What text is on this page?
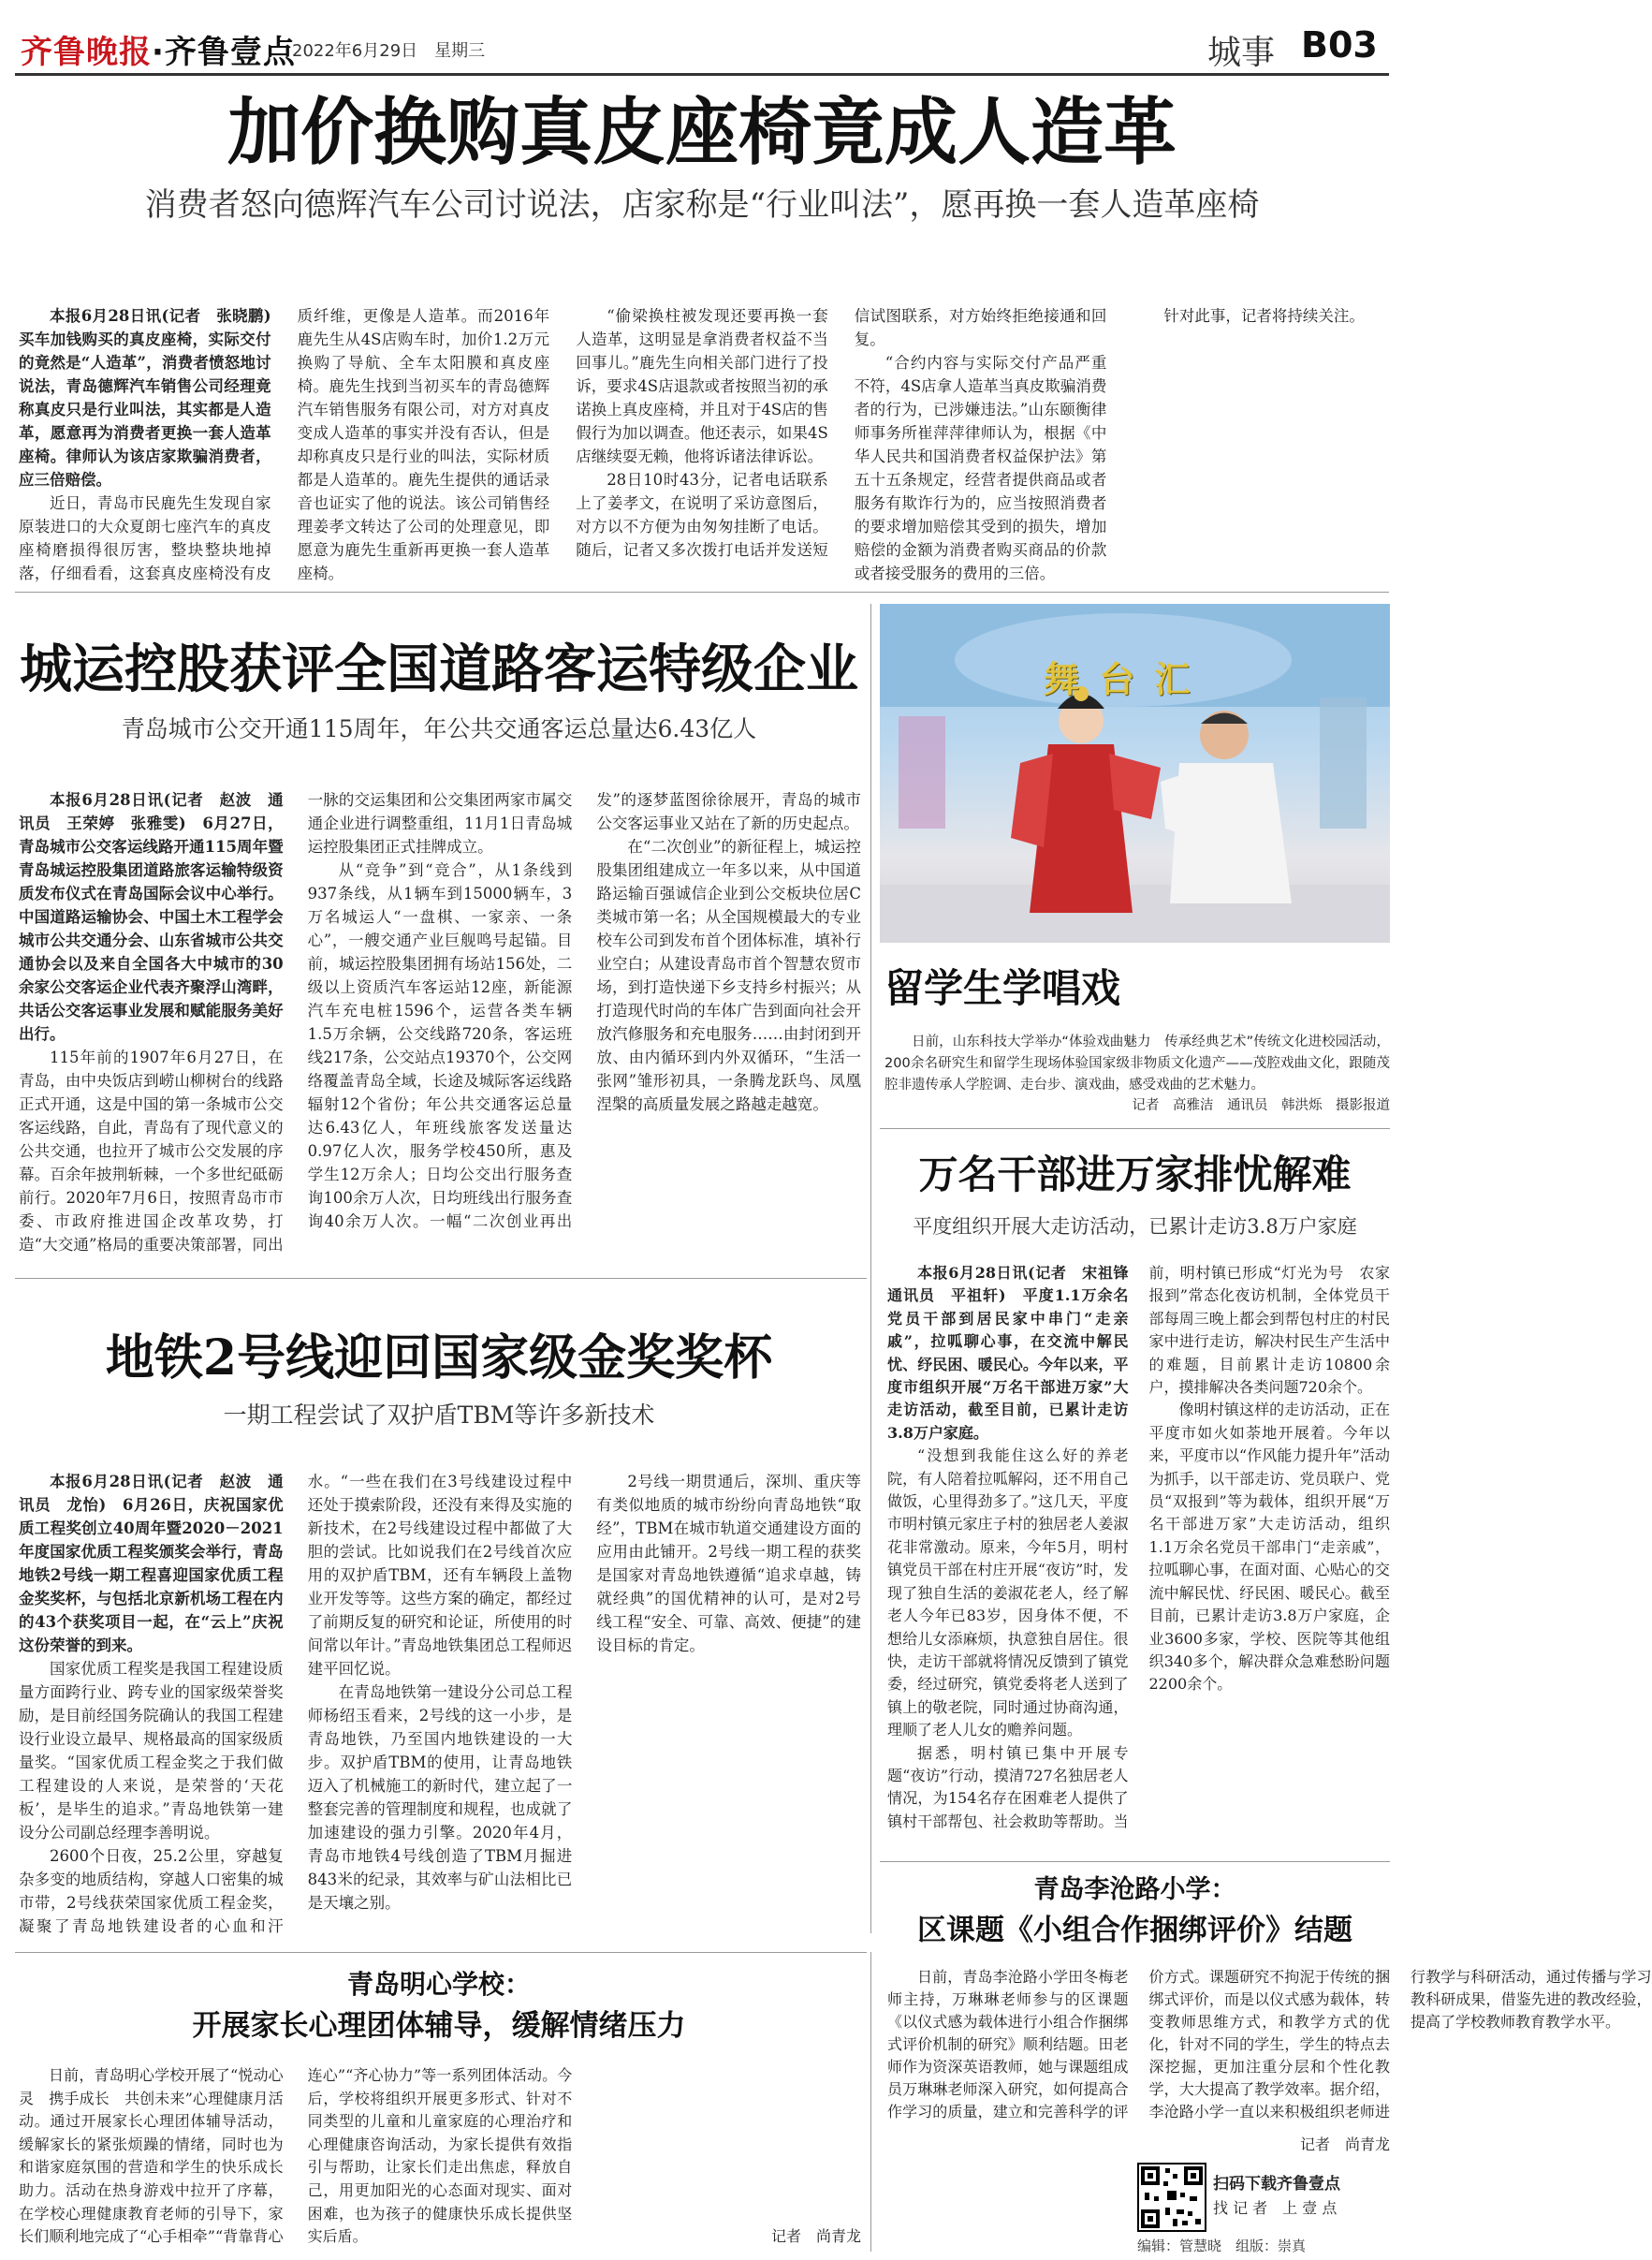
齐鲁晚报·齐鲁壹点
2022年6月29日　星期三	城事 B03
加价换购真皮座椅竟成人造革
消费者怒向德辉汽车公司讨说法，店家称是“行业叫法”，愿再换一套人造革座椅

本报6月28日讯(记者　张晓鹏)　买车加钱购买的真皮座椅，实际交付的竟然是“人造革”，消费者愤怒地讨说法，青岛德辉汽车销售公司经理竟称真皮只是行业叫法，其实都是人造革，愿意再为消费者更换一套人造革座椅。律师认为该店家欺骗消费者，应三倍赔偿。

近日，青岛市民鹿先生发现自家原装进口的大众夏朗七座汽车的真皮座椅磨损得很厉害，整块整块地掉落，仔细看看，这套真皮座椅没有皮质纤维，更像是人造革。而2016年鹿先生从4S店购车时，加价1.2万元换购了导航、全车太阳膜和真皮座椅。鹿先生找到当初买车的青岛德辉汽车销售服务有限公司，对方对真皮变成人造革的事实并没有否认，但是却称真皮只是行业的叫法，实际材质都是人造革的。鹿先生提供的通话录音也证实了他的说法。该公司销售经理姜孝文转达了公司的处理意见，即愿意为鹿先生重新再更换一套人造革座椅。

“偷梁换柱被发现还要再换一套人造革，这明显是拿消费者权益不当回事儿。”鹿先生向相关部门进行了投诉，要求4S店退款或者按照当初的承诺换上真皮座椅，并且对于4S店的售假行为加以调查。他还表示，如果4S店继续耍无赖，他将诉诸法律诉讼。

28日10时43分，记者电话联系上了姜孝文，在说明了采访意图后，对方以不方便为由匆匆挂断了电话。随后，记者又多次拨打电话并发送短信试图联系，对方始终拒绝接通和回复。

“合约内容与实际交付产品严重不符，4S店拿人造革当真皮欺骗消费者的行为，已涉嫌违法。”山东颐衡律师事务所崔萍萍律师认为，根据《中华人民共和国消费者权益保护法》第五十五条规定，经营者提供商品或者服务有欺诈行为的，应当按照消费者的要求增加赔偿其受到的损失，增加赔偿的金额为消费者购买商品的价款或者接受服务的费用的三倍。

针对此事，记者将持续关注。

城运控股获评全国道路客运特级企业
青岛城市公交开通115周年，年公共交通客运总量达6.43亿人

本报6月28日讯(记者　赵波　通讯员　王荣婷　张雅雯)　6月27日，青岛城市公交客运线路开通115周年暨青岛城运控股集团道路旅客运输特级资质发布仪式在青岛国际会议中心举行。中国道路运输协会、中国土木工程学会城市公共交通分会、山东省城市公共交通协会以及来自全国各大中城市的30余家公交客运企业代表齐聚浮山湾畔，共话公交客运事业发展和赋能服务美好出行。

115年前的1907年6月27日，在青岛，由中央饭店到崂山柳树台的线路正式开通，这是中国的第一条城市公交客运线路，自此，青岛有了现代意义的公共交通，也拉开了城市公交发展的序幕。百余年披荆斩棘，一个多世纪砥砺前行。2020年7月6日，按照青岛市市委、市政府推进国企改革攻势，打造“大交通”格局的重要决策部署，同出一脉的交运集团和公交集团两家市属交通企业进行调整重组，11月1日青岛城运控股集团正式挂牌成立。

从“竞争”到“竞合”，从1条线到937条线，从1辆车到15000辆车，3万名城运人“一盘棋、一家亲、一条心”，一艘交通产业巨舰鸣号起锚。目前，城运控股集团拥有场站156处，二级以上资质汽车客运站12座，新能源汽车充电桩1596个，运营各类车辆1.5万余辆，公交线路720条，客运班线217条，公交站点19370个，公交网络覆盖青岛全域，长途及城际客运线路辐射12个省份；年公共交通客运总量达6.43亿人，年班线旅客发送量达0.97亿人次，服务学校450所，惠及学生12万余人；日均公交出行服务查询100余万人次，日均班线出行服务查询40余万人次。一幅“二次创业再出发”的逐梦蓝图徐徐展开，青岛的城市公交客运事业又站在了新的历史起点。

在“二次创业”的新征程上，城运控股集团组建成立一年多以来，从中国道路运输百强诚信企业到公交板块位居C类城市第一名；从全国规模最大的专业校车公司到发布首个团体标准，填补行业空白；从建设青岛市首个智慧农贸市场，到打造快递下乡支持乡村振兴；从打造现代时尚的车体广告到面向社会开放汽修服务和充电服务……由封闭到开放、由内循环到内外双循环，“生活一张网”雏形初具，一条腾龙跃鸟、凤凰涅槃的高质量发展之路越走越宽。

舞 台 汇
留学生学唱戏

日前，山东科技大学举办“体验戏曲魅力　传承经典艺术”传统文化进校园活动，200余名研究生和留学生现场体验国家级非物质文化遗产——茂腔戏曲文化，跟随茂腔非遗传承人学腔调、走台步、演戏曲，感受戏曲的艺术魅力。

记者　高雅洁　通讯员　韩洪烁　摄影报道
万名干部进万家排忧解难
平度组织开展大走访活动，已累计走访3.8万户家庭

本报6月28日讯(记者　宋祖锋　通讯员　平祖轩)　平度1.1万余名党员干部到居民家中串门“走亲戚”，拉呱聊心事，在交流中解民忧、纾民困、暖民心。今年以来，平度市组织开展“万名干部进万家”大走访活动，截至目前，已累计走访3.8万户家庭。

“没想到我能住这么好的养老院，有人陪着拉呱解闷，还不用自己做饭，心里得劲多了。”这几天，平度市明村镇元家庄子村的独居老人姜淑花非常激动。原来，今年5月，明村镇党员干部在村庄开展“夜访”时，发现了独自生活的姜淑花老人，经了解老人今年已83岁，因身体不便，不想给儿女添麻烦，执意独自居住。很快，走访干部就将情况反馈到了镇党委，经过研究，镇党委将老人送到了镇上的敬老院，同时通过协商沟通，理顺了老人儿女的赡养问题。

据悉，明村镇已集中开展专题“夜访”行动，摸清727名独居老人情况，为154名存在困难老人提供了镇村干部帮包、社会救助等帮助。当前，明村镇已形成“灯光为号　农家报到”常态化夜访机制，全体党员干部每周三晚上都会到帮包村庄的村民家中进行走访，解决村民生产生活中的难题，目前累计走访10800余户，摸排解决各类问题720余个。

像明村镇这样的走访活动，正在平度市如火如荼地开展着。今年以来，平度市以“作风能力提升年”活动为抓手，以干部走访、党员联户、党员“双报到”等为载体，组织开展“万名干部进万家”大走访活动，组织1.1万余名党员干部串门“走亲戚”，拉呱聊心事，在面对面、心贴心的交流中解民忧、纾民困、暖民心。截至目前，已累计走访3.8万户家庭，企业3600多家，学校、医院等其他组织340多个，解决群众急难愁盼问题2200余个。

地铁2号线迎回国家级金奖奖杯
一期工程尝试了双护盾TBM等许多新技术

本报6月28日讯(记者　赵波　通讯员　龙怡)　6月26日，庆祝国家优质工程奖创立40周年暨2020－2021年度国家优质工程奖颁奖会举行，青岛地铁2号线一期工程喜迎国家优质工程金奖奖杯，与包括北京新机场工程在内的43个获奖项目一起，在“云上”庆祝这份荣誉的到来。

国家优质工程奖是我国工程建设质量方面跨行业、跨专业的国家级荣誉奖励，是目前经国务院确认的我国工程建设行业设立最早、规格最高的国家级质量奖。“国家优质工程金奖之于我们做工程建设的人来说，是荣誉的‘天花板’，是毕生的追求。”青岛地铁第一建设分公司副总经理李善明说。

2600个日夜，25.2公里，穿越复杂多变的地质结构，穿越人口密集的城市带，2号线获荣国家优质工程金奖，凝聚了青岛地铁建设者的心血和汗水。“一些在我们在3号线建设过程中还处于摸索阶段，还没有来得及实施的新技术，在2号线建设过程中都做了大胆的尝试。比如说我们在2号线首次应用的双护盾TBM，还有车辆段上盖物业开发等等。这些方案的确定，都经过了前期反复的研究和论证，所使用的时间常以年计。”青岛地铁集团总工程师迟建平回忆说。

在青岛地铁第一建设分公司总工程师杨绍玉看来，2号线的这一小步，是青岛地铁，乃至国内地铁建设的一大步。双护盾TBM的使用，让青岛地铁迈入了机械施工的新时代，建立起了一整套完善的管理制度和规程，也成就了加速建设的强力引擎。2020年4月，青岛市地铁4号线创造了TBM月掘进843米的纪录，其效率与矿山法相比已是天壤之别。

2号线一期贯通后，深圳、重庆等有类似地质的城市纷纷向青岛地铁“取经”，TBM在城市轨道交通建设方面的应用由此铺开。2号线一期工程的获奖是国家对青岛地铁遵循“追求卓越，铸就经典”的国优精神的认可，是对2号线工程“安全、可靠、高效、便捷”的建设目标的肯定。

青岛明心学校：
开展家长心理团体辅导，缓解情绪压力

日前，青岛明心学校开展了“悦动心灵　携手成长　共创未来”心理健康月活动。通过开展家长心理团体辅导活动，缓解家长的紧张烦躁的情绪，同时也为和谐家庭氛围的营造和学生的快乐成长助力。活动在热身游戏中拉开了序幕，在学校心理健康教育老师的引导下，家长们顺利地完成了“心手相牵”“背靠背心连心”“齐心协力”等一系列团体活动。今后，学校将组织开展更多形式、针对不同类型的儿童和儿童家庭的心理治疗和心理健康咨询活动，为家长提供有效指引与帮助，让家长们走出焦虑，释放自己，用更加阳光的心态面对现实、面对困难，也为孩子的健康快乐成长提供坚实后盾。	记者　尚青龙
青岛李沧路小学：
区课题《小组合作捆绑评价》结题

日前，青岛李沧路小学田冬梅老师主持，万琳琳老师参与的区课题《以仪式感为载体进行小组合作捆绑式评价机制的研究》顺利结题。田老师作为资深英语教师，她与课题组成员万琳琳老师深入研究，如何提高合作学习的质量，建立和完善科学的评价方式。课题研究不拘泥于传统的捆绑式评价，而是以仪式感为载体，转变教师思维方式，和教学方式的优化，针对不同的学生，学生的特点去深挖掘，更加注重分层和个性化教学，大大提高了教学效率。据介绍，李沧路小学一直以来积极组织老师进行教学与科研活动，通过传播与学习教科研成果，借鉴先进的教改经验，提高了学校教师教育教学水平。

记者　尚青龙
扫码下载齐鲁壹点
找 记 者　上 壹 点
编辑：管慧晓　组版：崇真
